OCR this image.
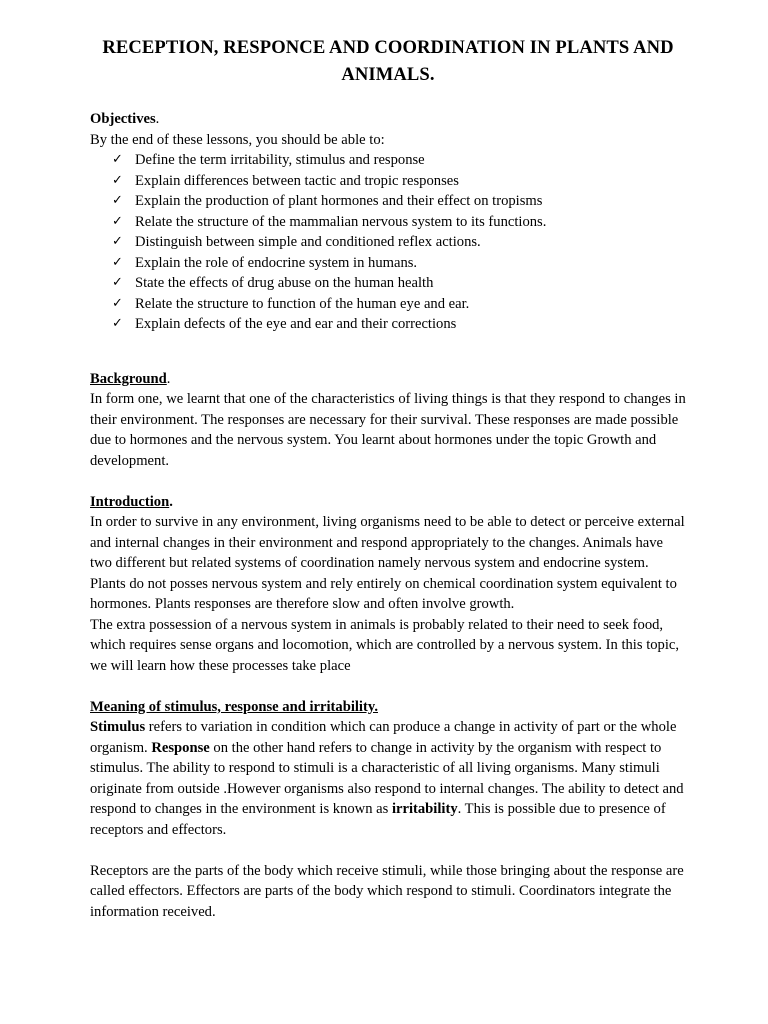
RECEPTION, RESPONCE AND COORDINATION IN PLANTS AND ANIMALS.

Objectives.

By the end of these lessons, you should be able to:

✓ Define the term irritability, stimulus and response
✓ Explain differences between tactic and tropic responses
✓ Explain the production of plant hormones and their effect on tropisms
✓ Relate the structure of the mammalian nervous system to its functions.
✓ Distinguish between simple and conditioned reflex actions.
✓ Explain the role of endocrine system in humans.
✓ State the effects of drug abuse on the human health
✓ Relate the structure to function of the human eye and ear.
✓ Explain defects of the eye and ear and their corrections

Background.

In form one, we learnt that one of the characteristics of living things is that they respond to changes in their environment. The responses are necessary for their survival. These responses are made possible due to hormones and the nervous system. You learnt about hormones under the topic Growth and development.

Introduction.

In order to survive in any environment, living organisms need to be able to detect or perceive external and internal changes in their environment and respond appropriately to the changes. Animals have two different but related systems of coordination namely nervous system and endocrine system.

Plants do not posses nervous system and rely entirely on chemical coordination system equivalent to hormones. Plants responses are therefore slow and often involve growth.

The extra possession of a nervous system in animals is probably related to their need to seek food, which requires sense organs and locomotion, which are controlled by a nervous system. In this topic, we will learn how these processes take place

Meaning of stimulus, response and irritability.

Stimulus refers to variation in condition which can produce a change in activity of part or the whole organism. Response on the other hand refers to change in activity by the organism with respect to stimulus. The ability to respond to stimuli is a characteristic of all living organisms. Many stimuli originate from outside .However organisms also respond to internal changes. The ability to detect and respond to changes in the environment is known as irritability. This is possible due to presence of receptors and effectors.

Receptors are the parts of the body which receive stimuli, while those bringing about the response are called effectors. Effectors are parts of the body which respond to stimuli. Coordinators integrate the information received.
